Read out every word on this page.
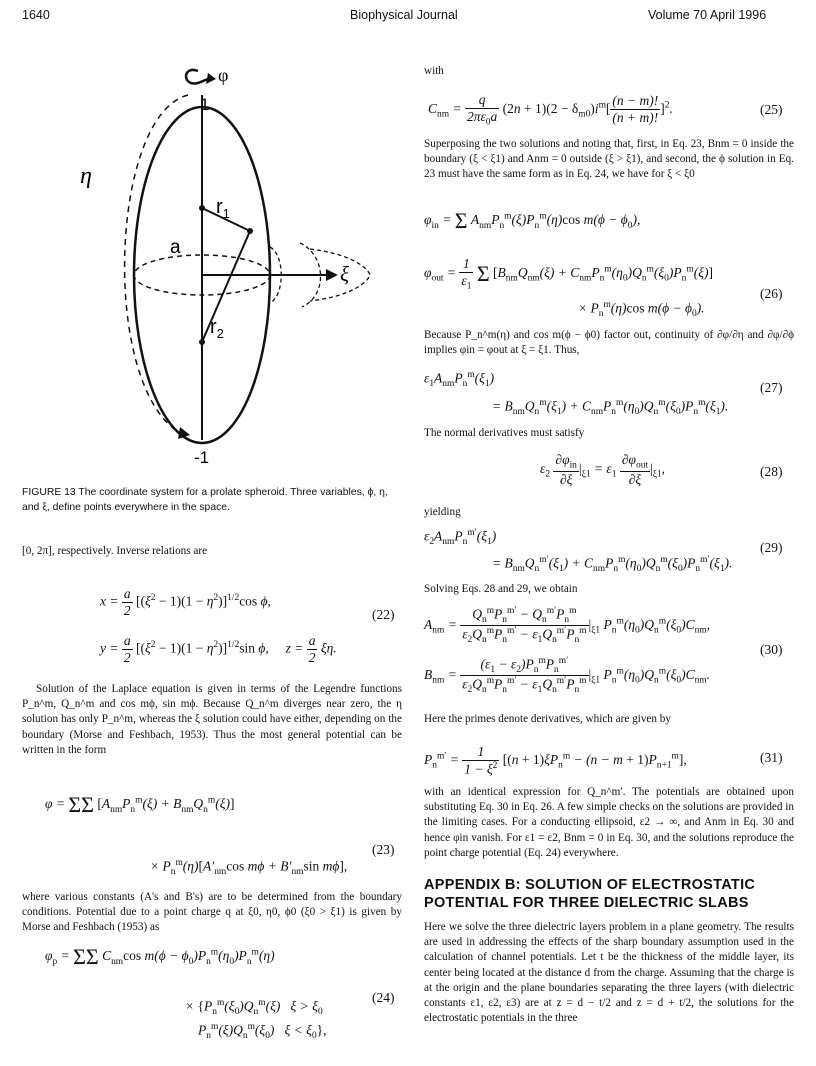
1640	Biophysical Journal	Volume 70 April 1996
φ
1
-1
η
$r_1$
$r_2$
a
ξ
FIGURE 13 The coordinate system for a prolate spheroid. Three variables, ϕ, η, and ξ, define points everywhere in the space.
[0, 2π], respectively. Inverse relations are
$x = \frac{a}{2} [(\xi^2 - 1)(1 - \eta^2)]^{1/2}\cos$ ϕ,
(22)
$y = \frac{a}{2} [(\xi^2 - 1)(1 - \eta^2)]^{1/2}\sin$ ϕ,     $z = \frac{a}{2} \xi\eta$.
Solution of the Laplace equation is given in terms of the Legendre functions P_n^m, Q_n^m and cos mϕ, sin mϕ. Because Q_n^m diverges near zero, the η solution has only P_n^m, whereas the ξ solution could have either, depending on the boundary (Morse and Feshbach, 1953). Thus the most general potential can be written in the form
φ = ΣΣ $[A_{nm}P_n^m(\xi) + B_{nm}Q_n^m(\xi)]$
(23)
× $P_n^m(\eta)[A'_{nm}\cos$ $m\phi + B'_{nm}\sin$ mϕ],
where various constants (A's and B's) are to be determined from the boundary conditions. Potential due to a point charge q at ξ0, η0, ϕ0 (ξ0 > ξ1) is given by Morse and Feshbach (1953) as
$\varphi_p = \Sigma\Sigma$ $C_{nm}\cos$ $m(\phi - \phi_0)P_n^m(\eta_0)P_n^m(\eta)$
(24)
× {$P_n^m(\xi_0)Q_n^m(\xi) \xi > \xi_0$
$P_n^m(\xi)Q_n^m(\xi_0) \xi < \xi_0$},
with
$C_{nm} = \frac{q}{2\pi\varepsilon_0a} (2n + 1)(2 - \delta_{m0})i^m[ \frac{(n - m)!}{(n + m)!} ]^2$.	(25)
Superposing the two solutions and noting that, first, in Eq. 23, Bnm = 0 inside the boundary (ξ < ξ1) and Anm = 0 outside (ξ > ξ1), and second, the ϕ solution in Eq. 23 must have the same form as in Eq. 24, we have for ξ < ξ0
$\varphi_{in} = \Sigma$ $A_{nm}P_n^m(\xi)P_n^m(\eta)\cos$ $m(\phi - \phi_0)$,
$\varphi_{out} = \frac{1}{\varepsilon_1}$ Σ $[B_{nm}Q_{nm}(\xi) + C_{nm}P_n^m(\eta_0)Q_n^m(\xi_0)P_n^m(\xi)]$
× $P_n^m(\eta)\cos$ $m(\phi - \phi_0)$.
(26)
Because P_n^m(η) and cos m(ϕ − ϕ0) factor out, continuity of ∂φ/∂η and ∂φ/∂ϕ implies φin = φout at ξ = ξ1. Thus,
$\varepsilon_1A_{nm}P_n^m(\xi_1)$
(27)
= $B_{nm}Q_n^m(\xi_1) + C_{nm}P_n^m(\eta_0)Q_n^m(\xi_0)P_n^m(\xi_1)$.
The normal derivatives must satisfy
$\varepsilon_2 \frac{\partial\varphi_{in}}{\partial\xi} |_{\xi 1} = \varepsilon_1 \frac{\partial\varphi_{out}}{\partial\xi} |_{\xi 1}$,	(28)
yielding
$\varepsilon_2A_{nm}P_n^{m'}(\xi_1)$
(29)
= $B_{nm}Q_n^{m'}(\xi_1) + C_{nm}P_n^m(\eta_0)Q_n^m(\xi_0)P_n^{m'}(\xi_1)$.
Solving Eqs. 28 and 29, we obtain
$A_{nm} = \frac{Q_n^mP_n^{m'} - Q_n^{m'}P_n^m}{\varepsilon_2Q_n^mP_n^{m'} - \varepsilon_1Q_n^{m'}P_n^m} |_{\xi 1}$ $P_n^m(\eta_0)Q_n^m(\xi_0)C_{nm}$,
(30)
$B_{nm} = \frac{(\varepsilon_1 - \varepsilon_2)P_n^mP_n^{m'}}{\varepsilon_2Q_n^mP_n^{m'} - \varepsilon_1Q_n^{m'}P_n^m} |_{\xi 1}$ $P_n^m(\eta_0)Q_n^m(\xi_0)C_{nm}$.
Here the primes denote derivatives, which are given by
$P_n^{m'} = \frac{1}{1 - \xi^2} [(n + 1)\xi P_n^m - (n - m + 1)P_{n+1}^m]$,	(31)
with an identical expression for Q_n^m′. The potentials are obtained upon substituting Eq. 30 in Eq. 26. A few simple checks on the solutions are provided in the limiting cases. For a conducting ellipsoid, ε2 → ∞, and Anm in Eq. 30 and hence φin vanish. For ε1 = ε2, Bnm = 0 in Eq. 30, and the solutions reproduce the point charge potential (Eq. 24) everywhere.
APPENDIX B: SOLUTION OF ELECTROSTATIC POTENTIAL FOR THREE DIELECTRIC SLABS
Here we solve the three dielectric layers problem in a plane geometry. The results are used in addressing the effects of the sharp boundary assumption used in the calculation of channel potentials. Let t be the thickness of the middle layer, its center being located at the distance d from the charge. Assuming that the charge is at the origin and the plane boundaries separating the three layers (with dielectric constants ε1, ε2, ε3) are at z = d − t/2 and z = d + t/2, the solutions for the electrostatic potentials in the three
